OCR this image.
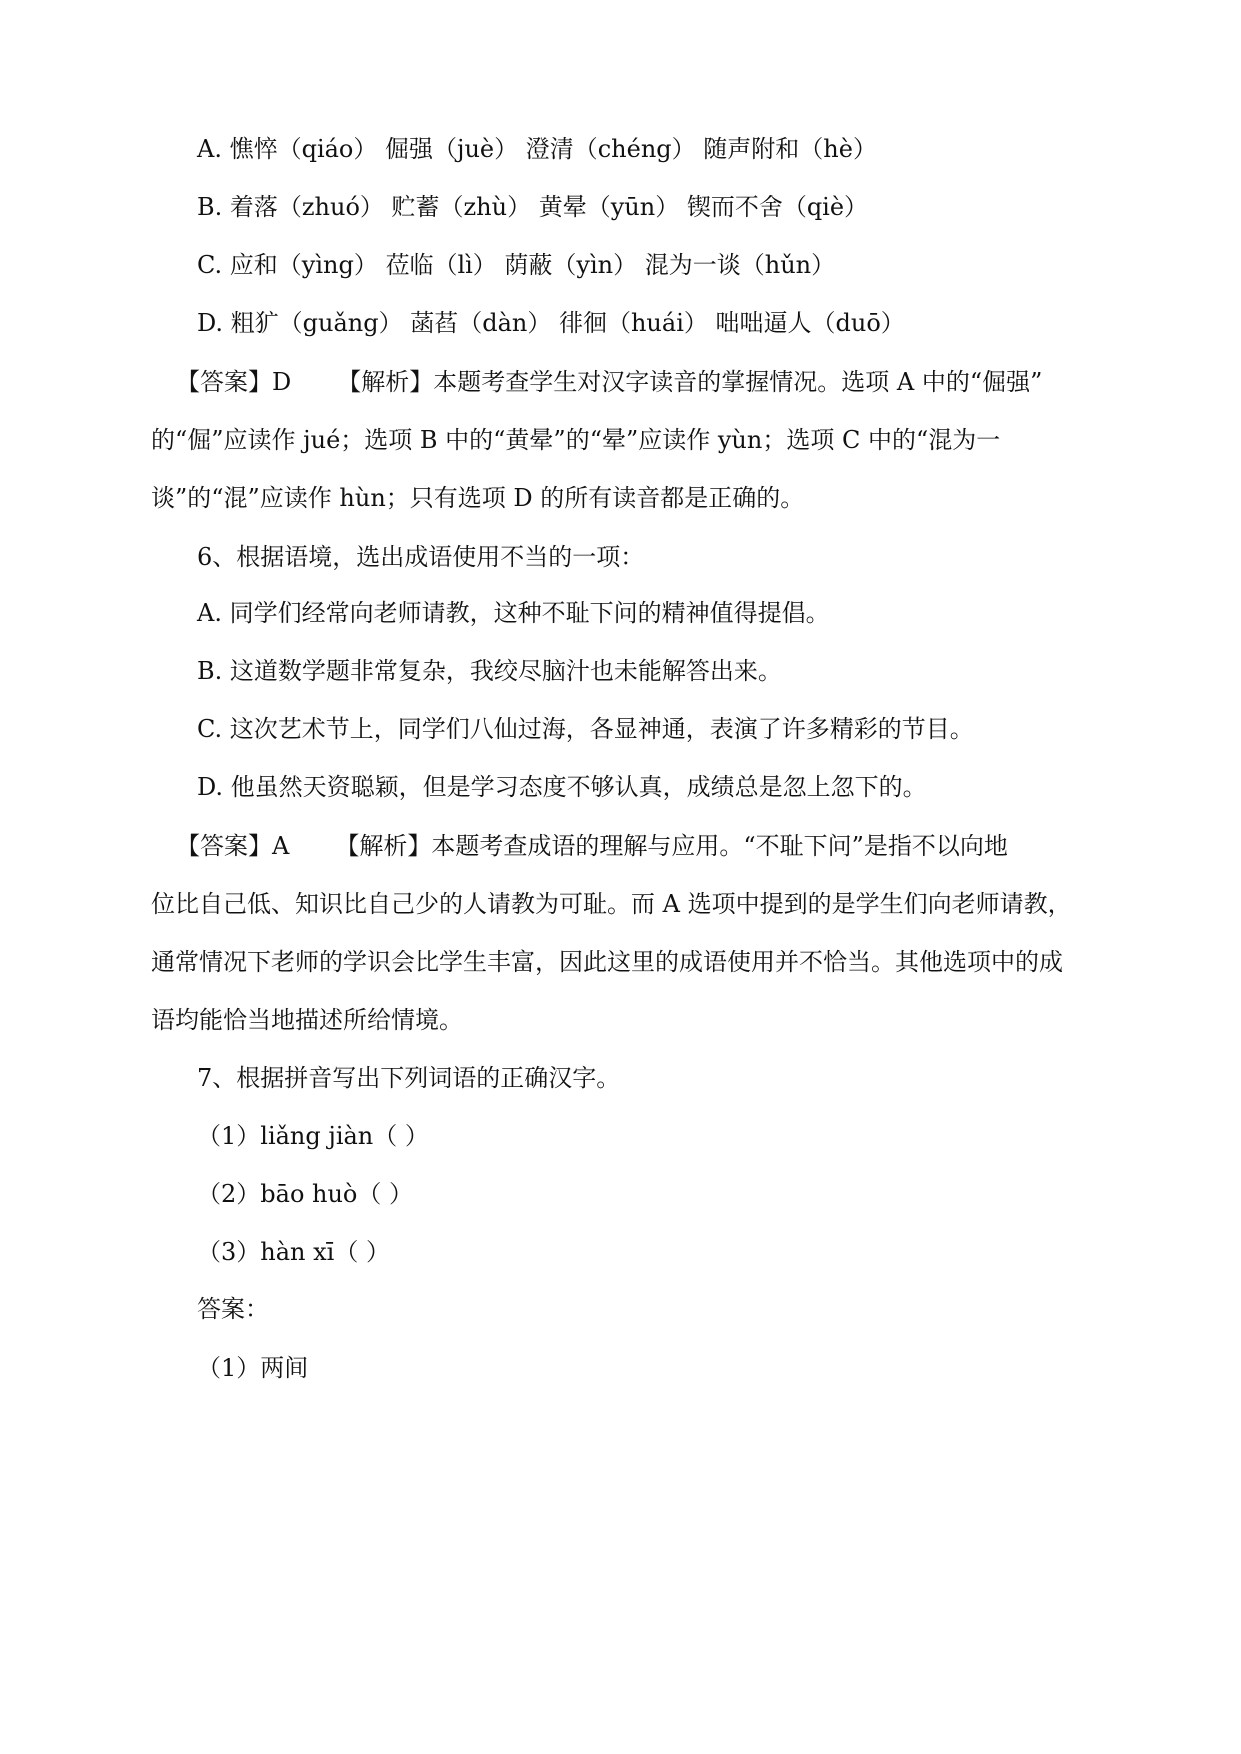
A. 憔悴（qiáo） 倔强（juè） 澄清（chéng） 随声附和（hè）
B. 着落（zhuó） 贮蓄（zhù） 黄晕（yūn） 锲而不舍（qiè）
C. 应和（yìng） 莅临（lì） 荫蔽（yìn） 混为一谈（hǔn）
D. 粗犷（guǎng） 菡萏（dàn） 徘徊（huái） 咄咄逼人（duō）
【答案】D 【解析】本题考查学生对汉字读音的掌握情况。选项 A 中的“倔强”
的“倔”应读作 jué；选项 B 中的“黄晕”的“晕”应读作 yùn；选项 C 中的“混为一
谈”的“混”应读作 hùn；只有选项 D 的所有读音都是正确的。
6、根据语境，选出成语使用不当的一项：
A. 同学们经常向老师请教，这种不耻下问的精神值得提倡。
B. 这道数学题非常复杂，我绞尽脑汁也未能解答出来。
C. 这次艺术节上，同学们八仙过海，各显神通，表演了许多精彩的节目。
D. 他虽然天资聪颖，但是学习态度不够认真，成绩总是忽上忽下的。
【答案】A 【解析】本题考查成语的理解与应用。“不耻下问”是指不以向地
位比自己低、知识比自己少的人请教为可耻。而 A 选项中提到的是学生们向老师请教，
通常情况下老师的学识会比学生丰富，因此这里的成语使用并不恰当。其他选项中的成
语均能恰当地描述所给情境。
7、根据拼音写出下列词语的正确汉字。
（1）liǎng jiàn（ ）
（2）bāo huò（ ）
（3）hàn xī（ ）
答案：
（1）两间
